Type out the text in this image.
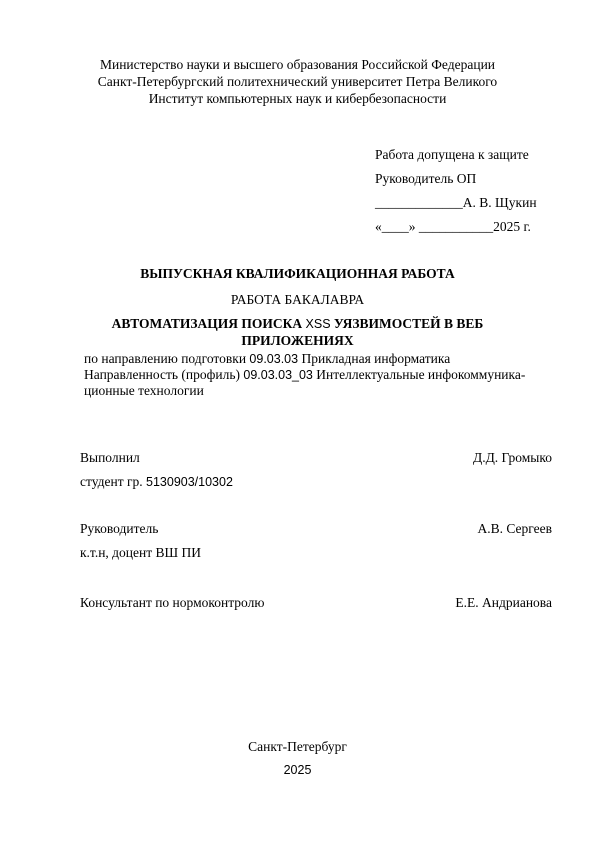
Министерство науки и высшего образования Российской Федерации
Санкт-Петербургский политехнический университет Петра Великого
Институт компьютерных наук и кибербезопасности
Работа допущена к защите
Руководитель ОП
_____________А. В. Щукин
«____» ___________2025 г.
ВЫПУСКНАЯ КВАЛИФИКАЦИОННАЯ РАБОТА
РАБОТА БАКАЛАВРА
АВТОМАТИЗАЦИЯ ПОИСКА XSS УЯЗВИМОСТЕЙ В ВЕБ
ПРИЛОЖЕНИЯХ
по направлению подготовки 09.03.03 Прикладная информатика
Направленность (профиль) 09.03.03_03 Интеллектуальные инфокоммуника-
ционные технологии
Выполнил	Д.Д. Громыко
студент гр. 5130903/10302
Руководитель	А.В. Сергеев
к.т.н, доцент ВШ ПИ
Консультант по нормоконтролю	Е.Е. Андрианова
Санкт-Петербург
2025
